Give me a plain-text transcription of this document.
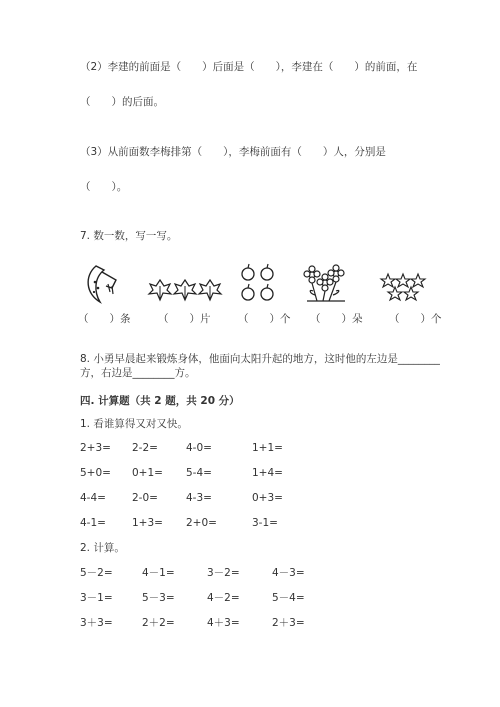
（2）李建的前面是（　　）后面是（　　），李建在（　　）的前面，在
（　　）的后面。
（3）从前面数李梅排第（　　），李梅前面有（　　）人，分别是
（　　）。
7. 数一数，写一写。
（　　）条	（　　）片	（　　）个 （　　）朵	（　　）个
8. 小勇早晨起来锻炼身体，他面向太阳升起的地方，这时他的左边是________
方，右边是________方。
四. 计算题（共 2 题，共 20 分）
1. 看谁算得又对又快。
2+3= 2-2=	4-0=	1+1=
5+0= 0+1= 5-4=	1+4=
4-4= 2-0=	4-3=	0+3=
4-1= 1+3= 2+0=	3-1=
2. 计算。
5－2=	4－1=	3－2=	4－3=
3－1=	5－3=	4－2=	5－4=
3＋3=	2＋2=	4＋3=	2＋3=
